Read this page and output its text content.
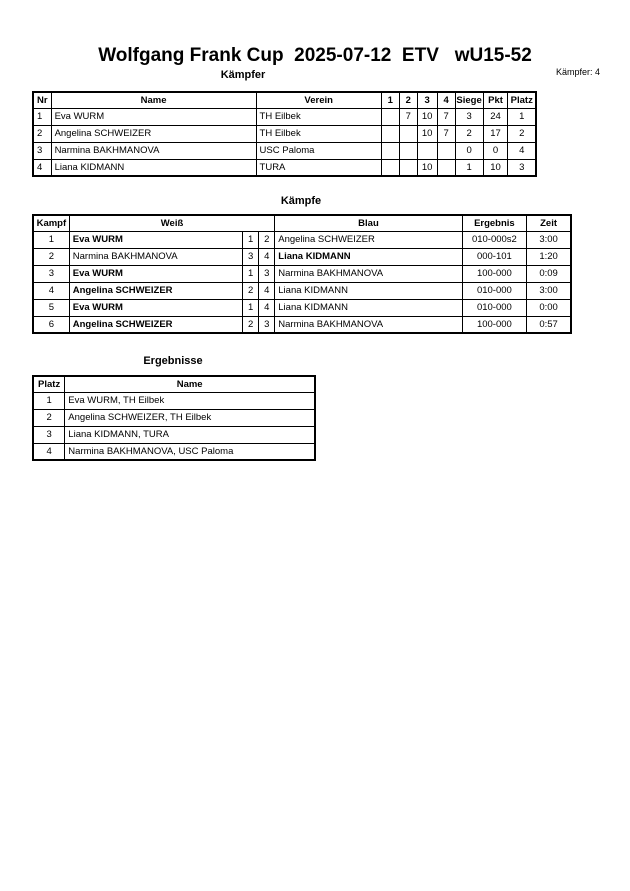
Wolfgang Frank Cup  2025-07-12  ETV   wU15-52
Kämpfer	Kämpfer: 4
Nr	Name	Verein	1	2	3	4	Siege	Pkt	Platz
1	Eva WURM	TH Eilbek		7	10	7	3	24	1
2	Angelina SCHWEIZER	TH Eilbek			10	7	2	17	2
3	Narmina BAKHMANOVA	USC Paloma					0	0	4
4	Liana KIDMANN	TURA			10		1	10	3
Kämpfe
Kampf	Weiß			Blau	Ergebnis	Zeit
1	Eva WURM	1	2	Angelina SCHWEIZER	010-000s2	3:00
2	Narmina BAKHMANOVA	3	4	Liana KIDMANN	000-101	1:20
3	Eva WURM	1	3	Narmina BAKHMANOVA	100-000	0:09
4	Angelina SCHWEIZER	2	4	Liana KIDMANN	010-000	3:00
5	Eva WURM	1	4	Liana KIDMANN	010-000	0:00
6	Angelina SCHWEIZER	2	3	Narmina BAKHMANOVA	100-000	0:57
Ergebnisse
Platz	Name
1	Eva WURM, TH Eilbek
2	Angelina SCHWEIZER, TH Eilbek
3	Liana KIDMANN, TURA
4	Narmina BAKHMANOVA, USC Paloma
